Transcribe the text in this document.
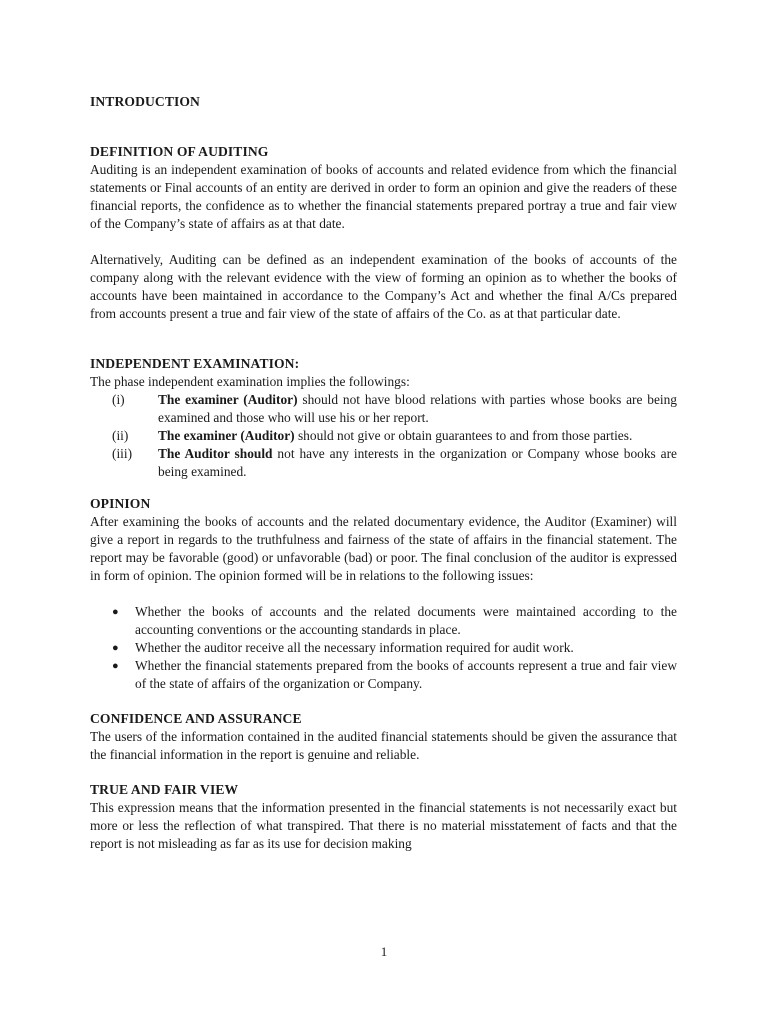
INTRODUCTION
DEFINITION OF AUDITING

Auditing is an independent examination of books of accounts and related evidence from which the financial statements or Final accounts of an entity are derived in order to form an opinion and give the readers of these financial reports, the confidence as to whether the financial statements prepared portray a true and fair view of the Company’s state of affairs as at that date.

Alternatively, Auditing can be defined as an independent examination of the books of accounts of the company along with the relevant evidence with the view of forming an opinion as to whether the books of accounts have been maintained in accordance to the Company’s Act and whether the final A/Cs prepared from accounts present a true and fair view of the state of affairs of the Co. as at that particular date.

INDEPENDENT EXAMINATION:

The phase independent examination implies the followings:

(i)	The examiner (Auditor) should not have blood relations with parties whose books are being examined and those who will use his or her report.
(ii)	The examiner (Auditor) should not give or obtain guarantees to and from those parties.
(iii)	The Auditor should not have any interests in the organization or Company whose books are being examined.
OPINION

After examining the books of accounts and the related documentary evidence, the Auditor (Examiner) will give a report in regards to the truthfulness and fairness of the state of affairs in the financial statement. The report may be favorable (good) or unfavorable (bad) or poor. The final conclusion of the auditor is expressed in form of opinion. The opinion formed will be in relations to the following issues:

●	Whether the books of accounts and the related documents were maintained according to the accounting conventions or the accounting standards in place.
●	Whether the auditor receive all the necessary information required for audit work.
●	Whether the financial statements prepared from the books of accounts represent a true and fair view of the state of affairs of the organization or Company.
CONFIDENCE AND ASSURANCE

The users of the information contained in the audited financial statements should be given the assurance that the financial information in the report is genuine and reliable.

TRUE AND FAIR VIEW

This expression means that the information presented in the financial statements is not necessarily exact but more or less the reflection of what transpired. That there is no material misstatement of facts and that the report is not misleading as far as its use for decision making

1
